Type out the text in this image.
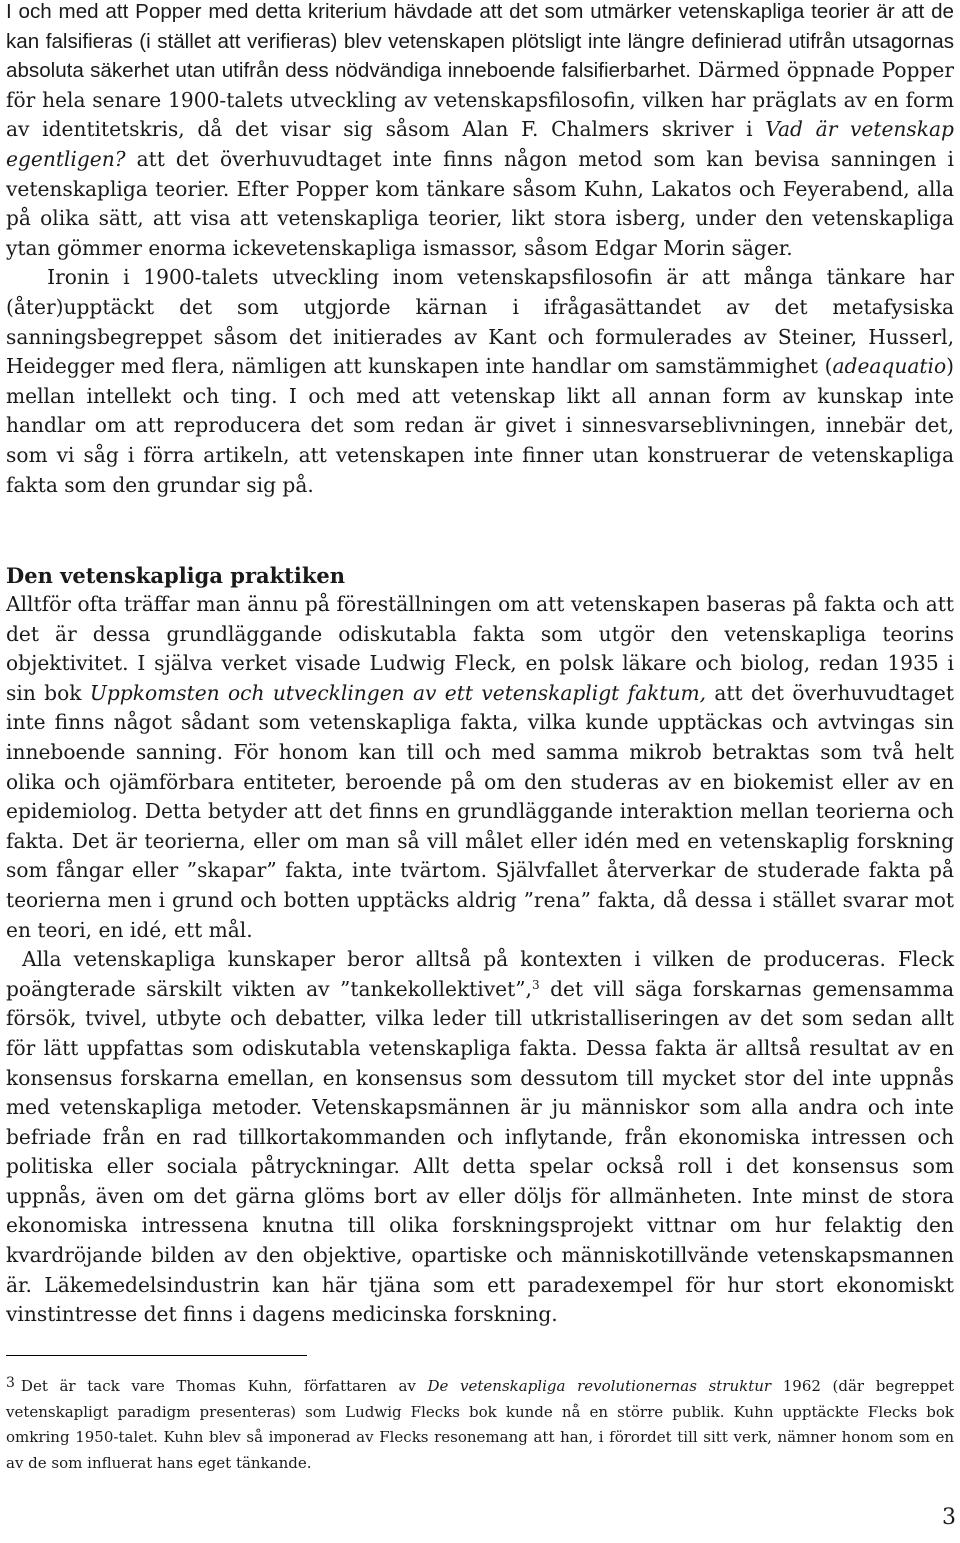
I och med att Popper med detta kriterium hävdade att det som utmärker vetenskapliga teorier är att de kan falsifieras (i stället att verifieras) blev vetenskapen plötsligt inte längre definierad utifrån utsagornas absoluta säkerhet utan utifrån dess nödvändiga inneboende falsifierbarhet. Därmed öppnade Popper för hela senare 1900-talets utveckling av vetenskapsfilosofin, vilken har präglats av en form av identitetskris, då det visar sig såsom Alan F. Chalmers skriver i Vad är vetenskap egentligen? att det överhuvudtaget inte finns någon metod som kan bevisa sanningen i vetenskapliga teorier. Efter Popper kom tänkare såsom Kuhn, Lakatos och Feyerabend, alla på olika sätt, att visa att vetenskapliga teorier, likt stora isberg, under den vetenskapliga ytan gömmer enorma ickevetenskapliga ismassor, såsom Edgar Morin säger.
Ironin i 1900-talets utveckling inom vetenskapsfilosofin är att många tänkare har (åter)upptäckt det som utgjorde kärnan i ifrågasättandet av det metafysiska sanningsbegreppet såsom det initierades av Kant och formulerades av Steiner, Husserl, Heidegger med flera, nämligen att kunskapen inte handlar om samstämmighet (adeaquatio) mellan intellekt och ting. I och med att vetenskap likt all annan form av kunskap inte handlar om att reproducera det som redan är givet i sinnesvarseblivningen, innebär det, som vi såg i förra artikeln, att vetenskapen inte finner utan konstruerar de vetenskapliga fakta som den grundar sig på.

Den vetenskapliga praktiken

Alltför ofta träffar man ännu på föreställningen om att vetenskapen baseras på fakta och att det är dessa grundläggande odiskutabla fakta som utgör den vetenskapliga teorins objektivitet. I själva verket visade Ludwig Fleck, en polsk läkare och biolog, redan 1935 i sin bok Uppkomsten och utvecklingen av ett vetenskapligt faktum, att det överhuvudtaget inte finns något sådant som vetenskapliga fakta, vilka kunde upptäckas och avtvingas sin inneboende sanning. För honom kan till och med samma mikrob betraktas som två helt olika och ojämförbara entiteter, beroende på om den studeras av en biokemist eller av en epidemiolog. Detta betyder att det finns en grundläggande interaktion mellan teorierna och fakta. Det är teorierna, eller om man så vill målet eller idén med en vetenskaplig forskning som fångar eller ”skapar” fakta, inte tvärtom. Självfallet återverkar de studerade fakta på teorierna men i grund och botten upptäcks aldrig ”rena” fakta, då dessa i stället svarar mot en teori, en idé, ett mål.

Alla vetenskapliga kunskaper beror alltså på kontexten i vilken de produceras. Fleck poängterade särskilt vikten av ”tankekollektivet”,$^3$ det vill säga forskarnas gemensamma försök, tvivel, utbyte och debatter, vilka leder till utkristalliseringen av det som sedan allt för lätt uppfattas som odiskutabla vetenskapliga fakta. Dessa fakta är alltså resultat av en konsensus forskarna emellan, en konsensus som dessutom till mycket stor del inte uppnås med vetenskapliga metoder. Vetenskapsmännen är ju människor som alla andra och inte befriade från en rad tillkortakommanden och inflytande, från ekonomiska intressen och politiska eller sociala påtryckningar. Allt detta spelar också roll i det konsensus som uppnås, även om det gärna glöms bort av eller döljs för allmänheten. Inte minst de stora ekonomiska intressena knutna till olika forskningsprojekt vittnar om hur felaktig den kvardröjande bilden av den objektive, opartiske och människotillvände vetenskapsmannen är. Läkemedelsindustrin kan här tjäna som ett paradexempel för hur stort ekonomiskt vinstintresse det finns i dagens medicinska forskning.

$^3$ Det är tack vare Thomas Kuhn, författaren av De vetenskapliga revolutionernas struktur 1962 (där begreppet vetenskapligt paradigm presenteras) som Ludwig Flecks bok kunde nå en större publik. Kuhn upptäckte Flecks bok omkring 1950-talet. Kuhn blev så imponerad av Flecks resonemang att han, i förordet till sitt verk, nämner honom som en av de som influerat hans eget tänkande.

3
